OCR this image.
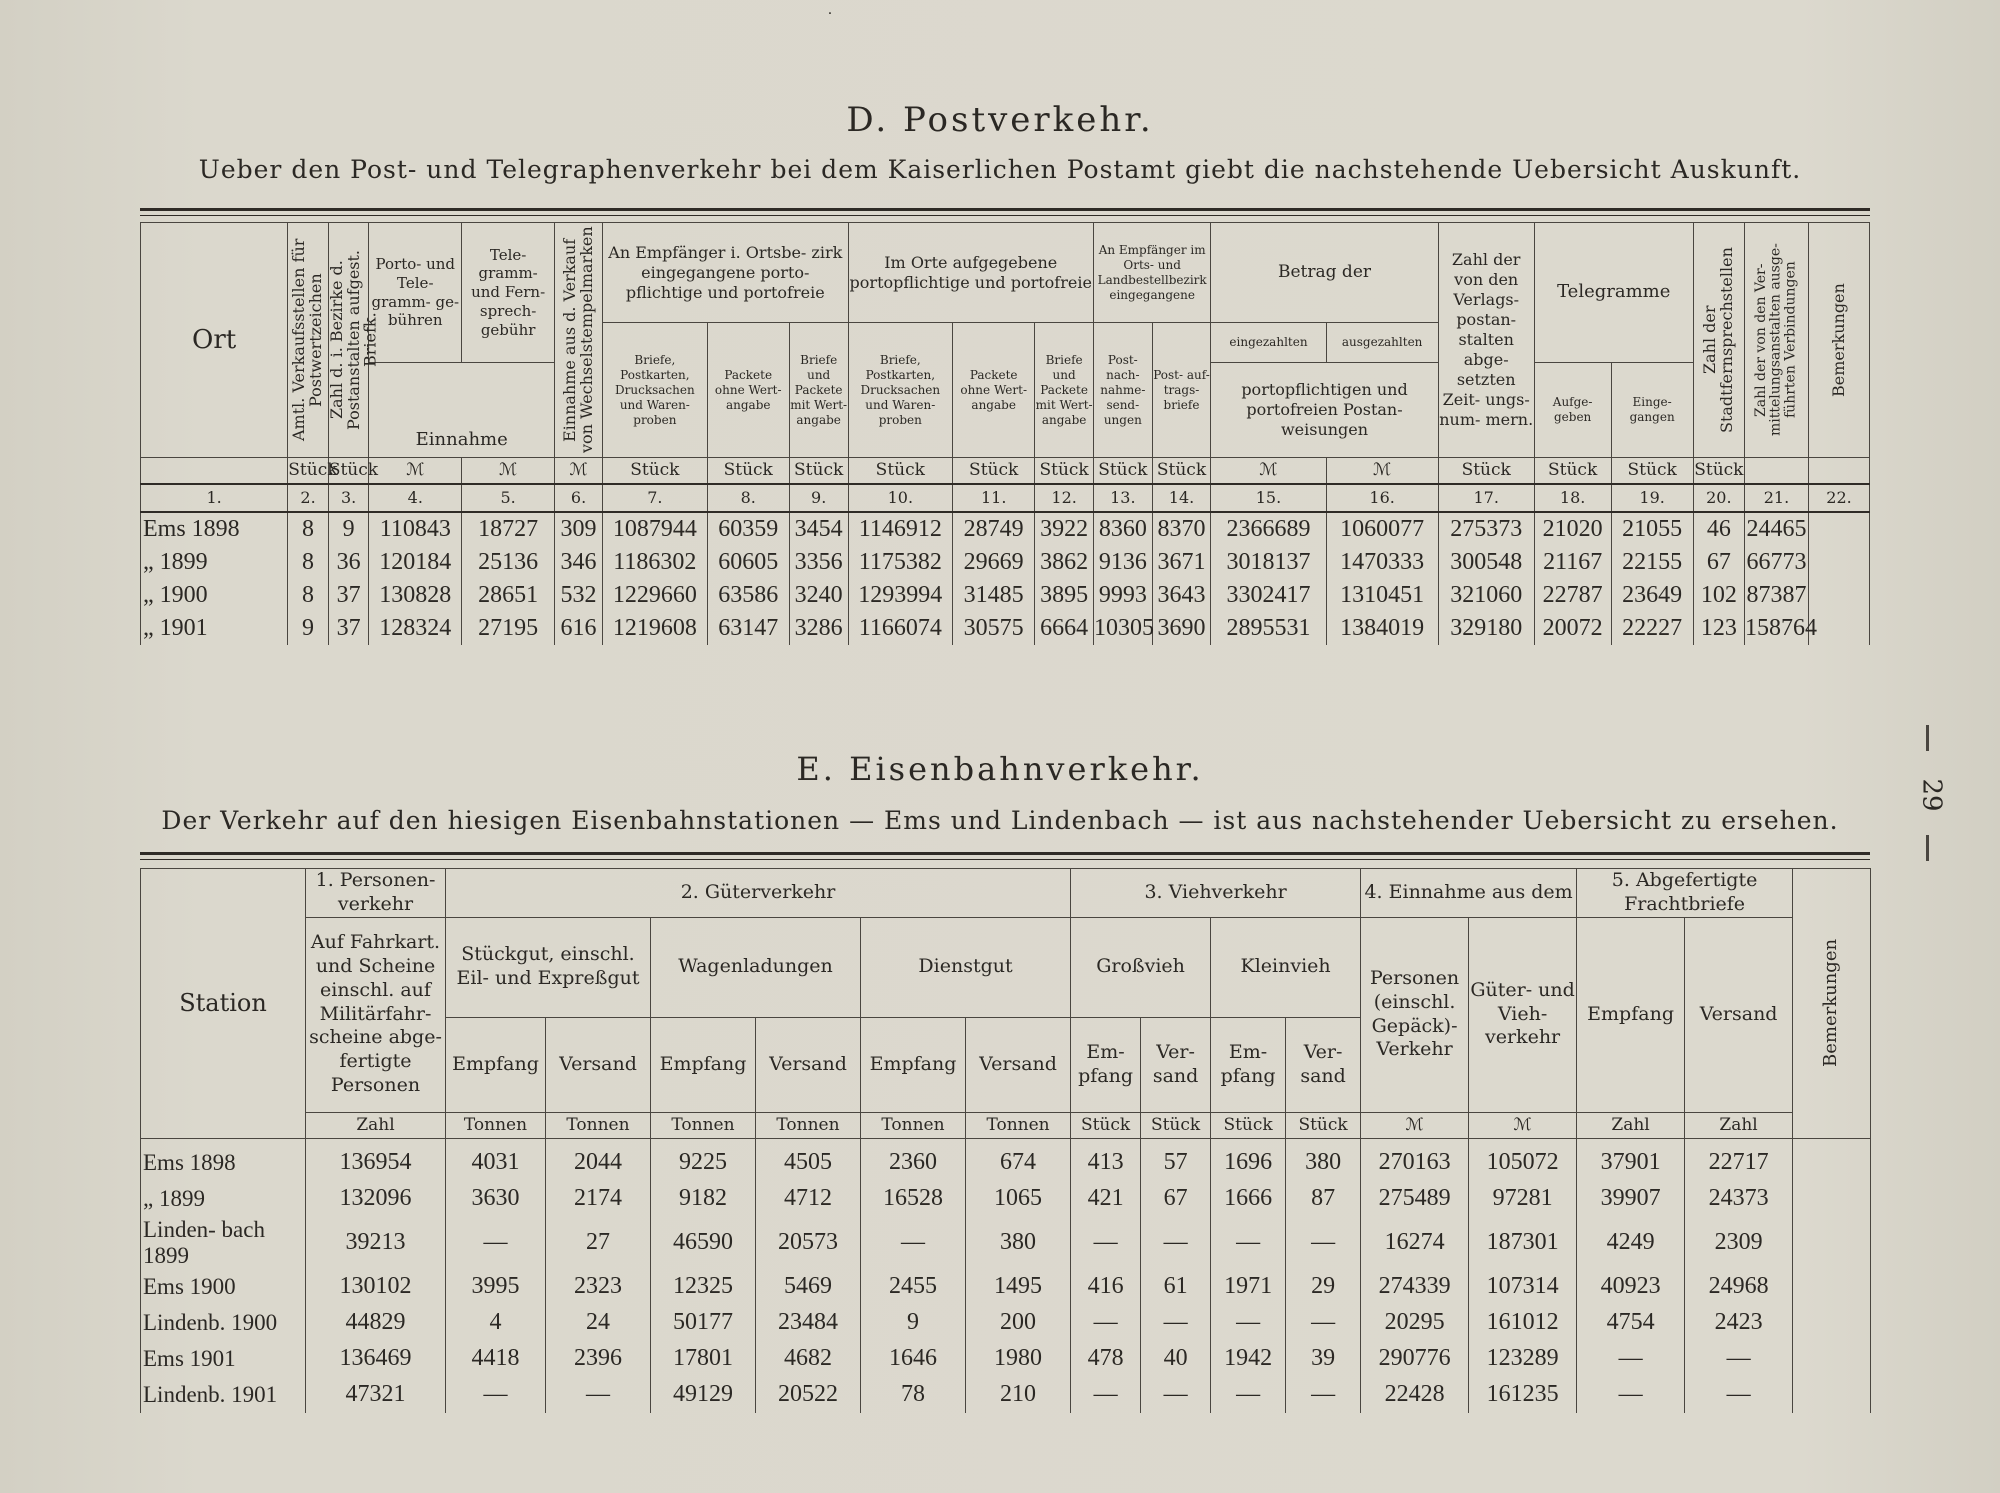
.
D. Postverkehr.
Ueber den Post- und Telegraphenverkehr bei dem Kaiserlichen Postamt giebt die nachstehende Uebersicht Auskunft.
Ort	Amtl. Verkaufsstellen für Postwertzeichen	Zahl d. i. Bezirke d. Postanstalten aufgest. Briefk.	Porto- und Tele- gramm- ge- bühren	Tele- gramm- und Fern- sprech- gebühr	Einnahme aus d. Verkauf von Wechselstempelmarken	An Empfänger i. Ortsbe- zirk eingegangene porto- pflichtige und portofreie			Im Orte aufgegebene portopflichtige und portofreie			An Empfänger im Orts- und Landbestellbezirk eingegangene		Betrag der		Zahl der von den Verlags- postan- stalten abge- setzten Zeit- ungs- num- mern.	Telegramme		Zahl der Stadtfernsprechstellen	Zahl der von den Ver- mittelungsanstalten ausge- führten Verbindungen	Bemerkungen

						Briefe, Postkarten, Drucksachen und Waren- proben	Packete ohne Wert- angabe	Briefe und Packete mit Wert- angabe	Briefe, Postkarten, Drucksachen und Waren- proben	Packete ohne Wert- angabe	Briefe und Packete mit Wert- angabe	Post- nach- nahme- send- ungen	Post- auf- trags- briefe	eingezahlten	ausgezahlten						
			Einnahme											portopflichtigen und portofreien Postan- weisungen			Aufge- geben	Einge- gangen			
	Stück	Stück	ℳ	ℳ	ℳ	Stück	Stück	Stück	Stück	Stück	Stück	Stück	Stück	ℳ	ℳ	Stück	Stück	Stück	Stück		
1.	2.	3.	4.	5.	6.	7.	8.	9.	10.	11.	12.	13.	14.	15.	16.	17.	18.	19.	20.	21.	22.
Ems 1898	8	9	110843	18727	309	1087944	60359	3454	1146912	28749	3922	8360	8370	2366689	1060077	275373	21020	21055	46	24465	
„ 1899	8	36	120184	25136	346	1186302	60605	3356	1175382	29669	3862	9136	3671	3018137	1470333	300548	21167	22155	67	66773	
„ 1900	8	37	130828	28651	532	1229660	63586	3240	1293994	31485	3895	9993	3643	3302417	1310451	321060	22787	23649	102	87387	
„ 1901	9	37	128324	27195	616	1219608	63147	3286	1166074	30575	6664	10305	3690	2895531	1384019	329180	20072	22227	123	158764	
29
E. Eisenbahnverkehr.
Der Verkehr auf den hiesigen Eisenbahnstationen — Ems und Lindenbach — ist aus nachstehender Uebersicht zu ersehen.
Station	1. Personen- verkehr	2. Güterverkehr						3. Viehverkehr				4. Einnahme aus dem		5. Abgefertigte Frachtbriefe		Bemerkungen

	Auf Fahrkart. und Scheine einschl. auf Militärfahr- scheine abge- fertigte Personen	Stückgut, einschl. Eil- und Expreßgut		Wagenladungen		Dienstgut		Großvieh		Kleinvieh		Personen (einschl. Gepäck)- Verkehr	Güter- und Vieh- verkehr	Empfang	Versand	
		Empfang	Versand	Empfang	Versand	Empfang	Versand	Em- pfang	Ver- sand	Em- pfang	Ver- sand					
	Zahl	Tonnen	Tonnen	Tonnen	Tonnen	Tonnen	Tonnen	Stück	Stück	Stück	Stück	ℳ	ℳ	Zahl	Zahl	
Ems 1898	136954	4031	2044	9225	4505	2360	674	413	57	1696	380	270163	105072	37901	22717	
„ 1899	132096	3630	2174	9182	4712	16528	1065	421	67	1666	87	275489	97281	39907	24373	
Linden- bach 1899	39213	—	27	46590	20573	—	380	—	—	—	—	16274	187301	4249	2309	
Ems 1900	130102	3995	2323	12325	5469	2455	1495	416	61	1971	29	274339	107314	40923	24968	
Lindenb. 1900	44829	4	24	50177	23484	9	200	—	—	—	—	20295	161012	4754	2423	
Ems 1901	136469	4418	2396	17801	4682	1646	1980	478	40	1942	39	290776	123289	—	—	
Lindenb. 1901	47321	—	—	49129	20522	78	210	—	—	—	—	22428	161235	—	—	
